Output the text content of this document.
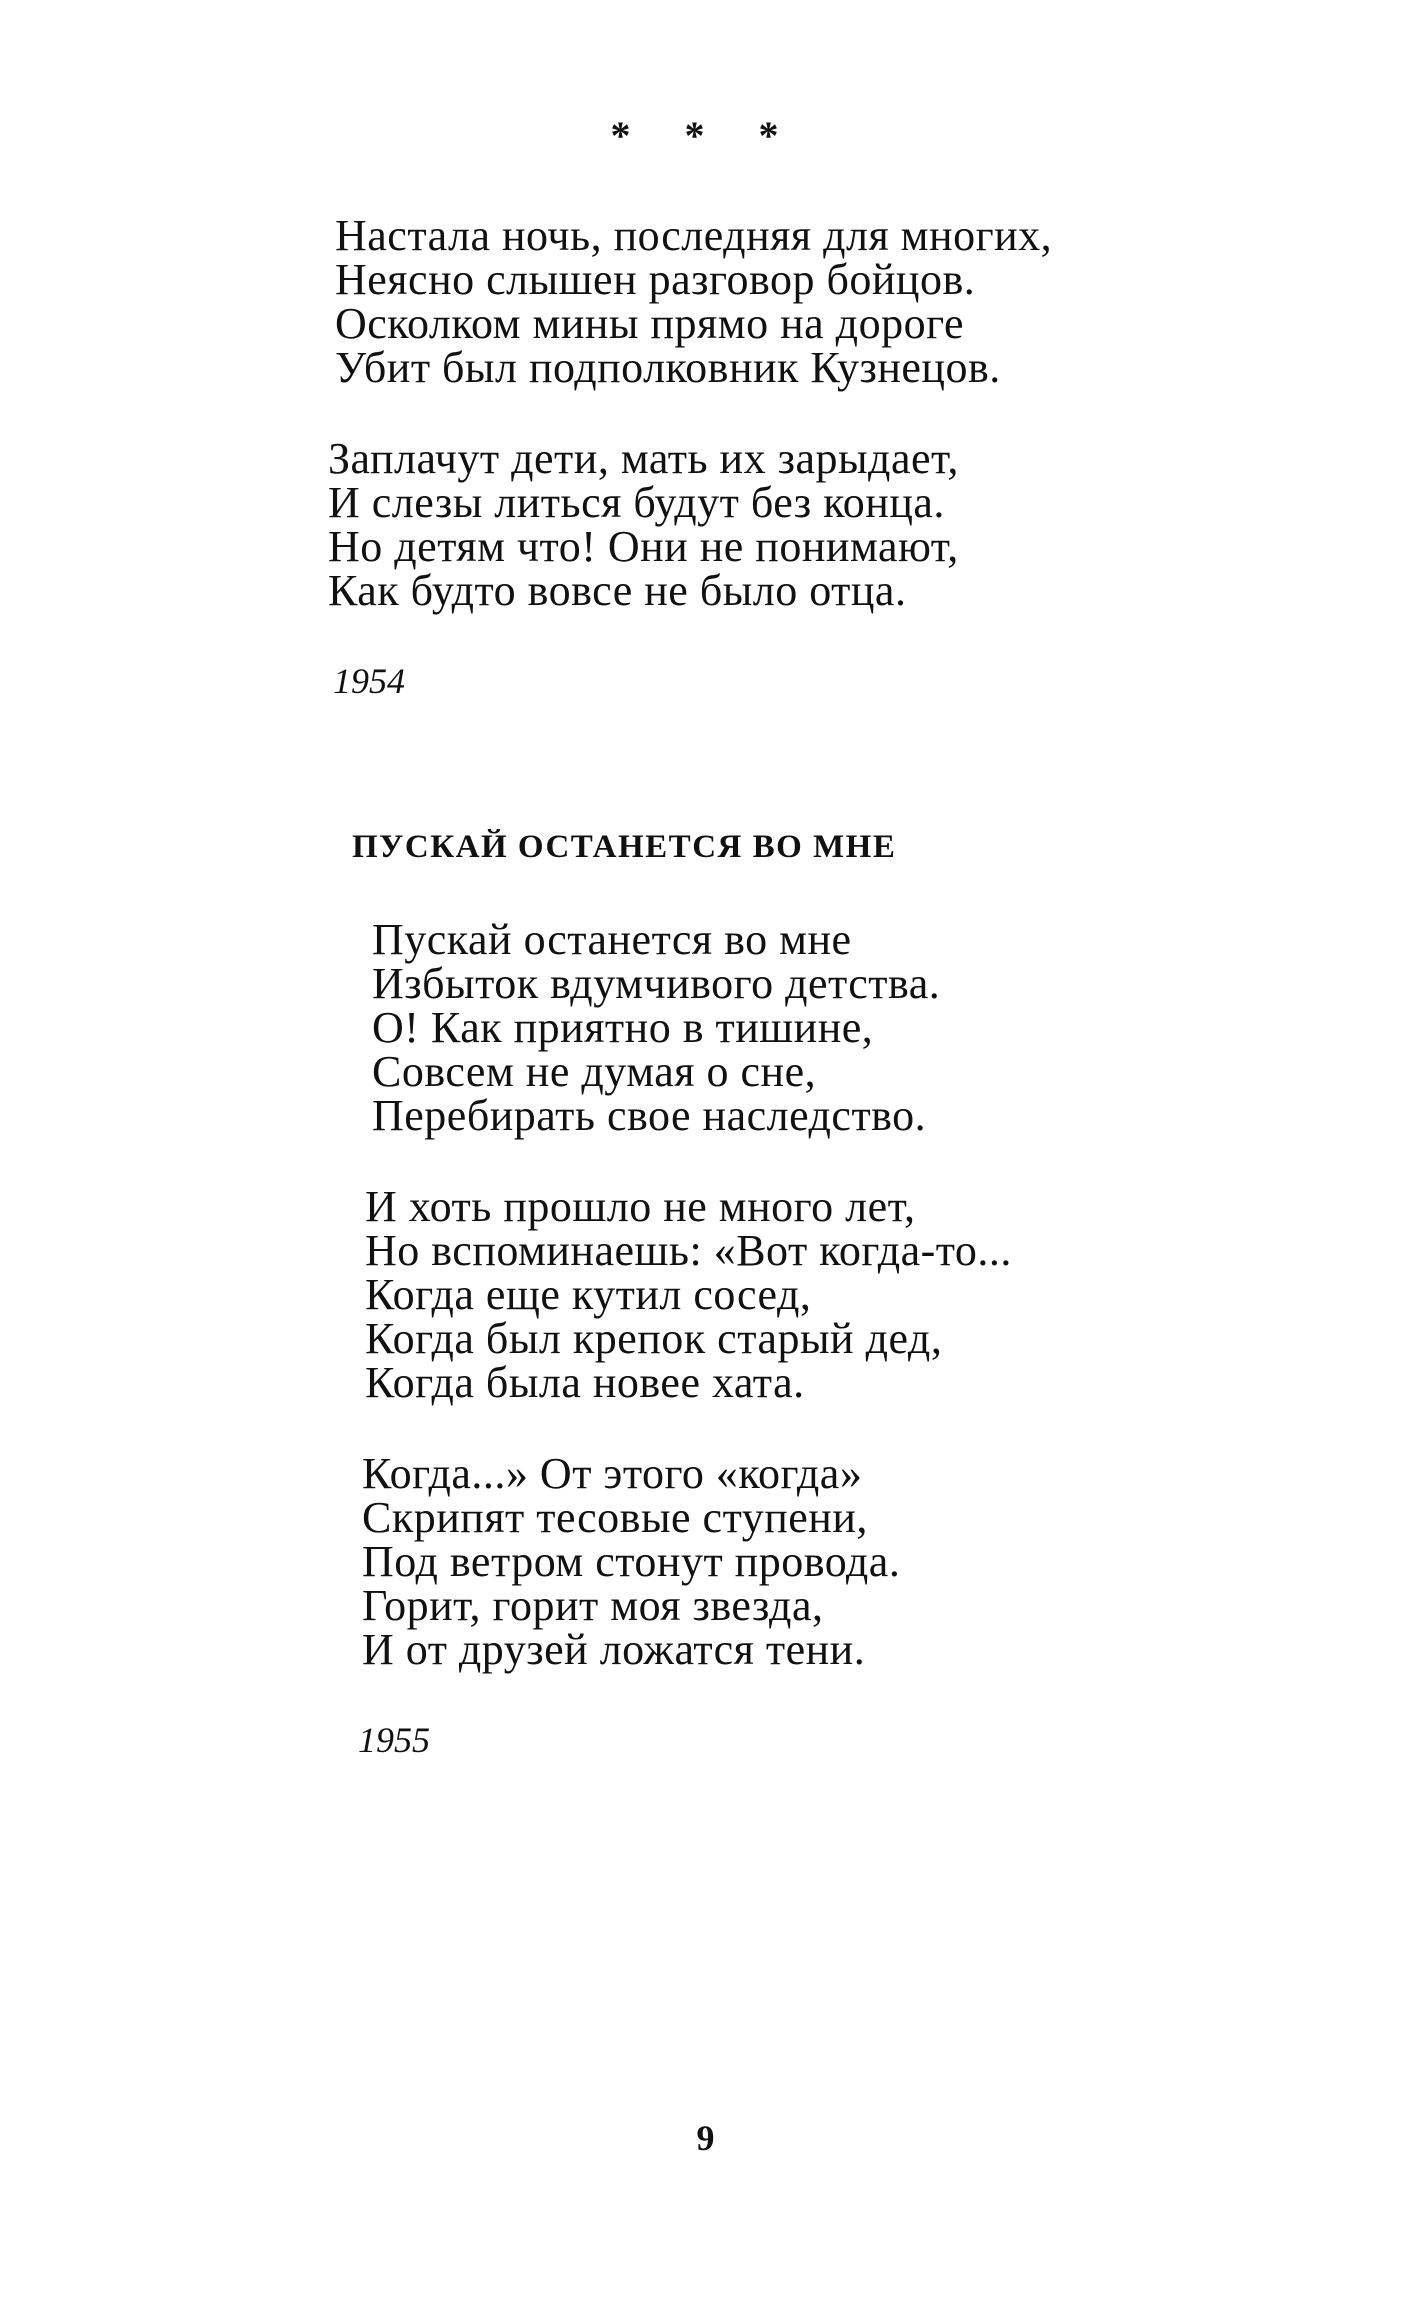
* * *
Настала ночь, последняя для многих,
Неясно слышен разговор бойцов.
Осколком мины прямо на дороге
Убит был подполковник Кузнецов.
Заплачут дети, мать их зарыдает,
И слезы литься будут без конца.
Но детям что! Они не понимают,
Как будто вовсе не было отца.
1954
ПУСКАЙ ОСТАНЕТСЯ ВО МНЕ
Пускай останется во мне
Избыток вдумчивого детства.
О! Как приятно в тишине,
Совсем не думая о сне,
Перебирать свое наследство.
И хоть прошло не много лет,
Но вспоминаешь: «Вот когда-то...
Когда еще кутил сосед,
Когда был крепок старый дед,
Когда была новее хата.
Когда...» От этого «когда»
Скрипят тесовые ступени,
Под ветром стонут провода.
Горит, горит моя звезда,
И от друзей ложатся тени.
1955
9
